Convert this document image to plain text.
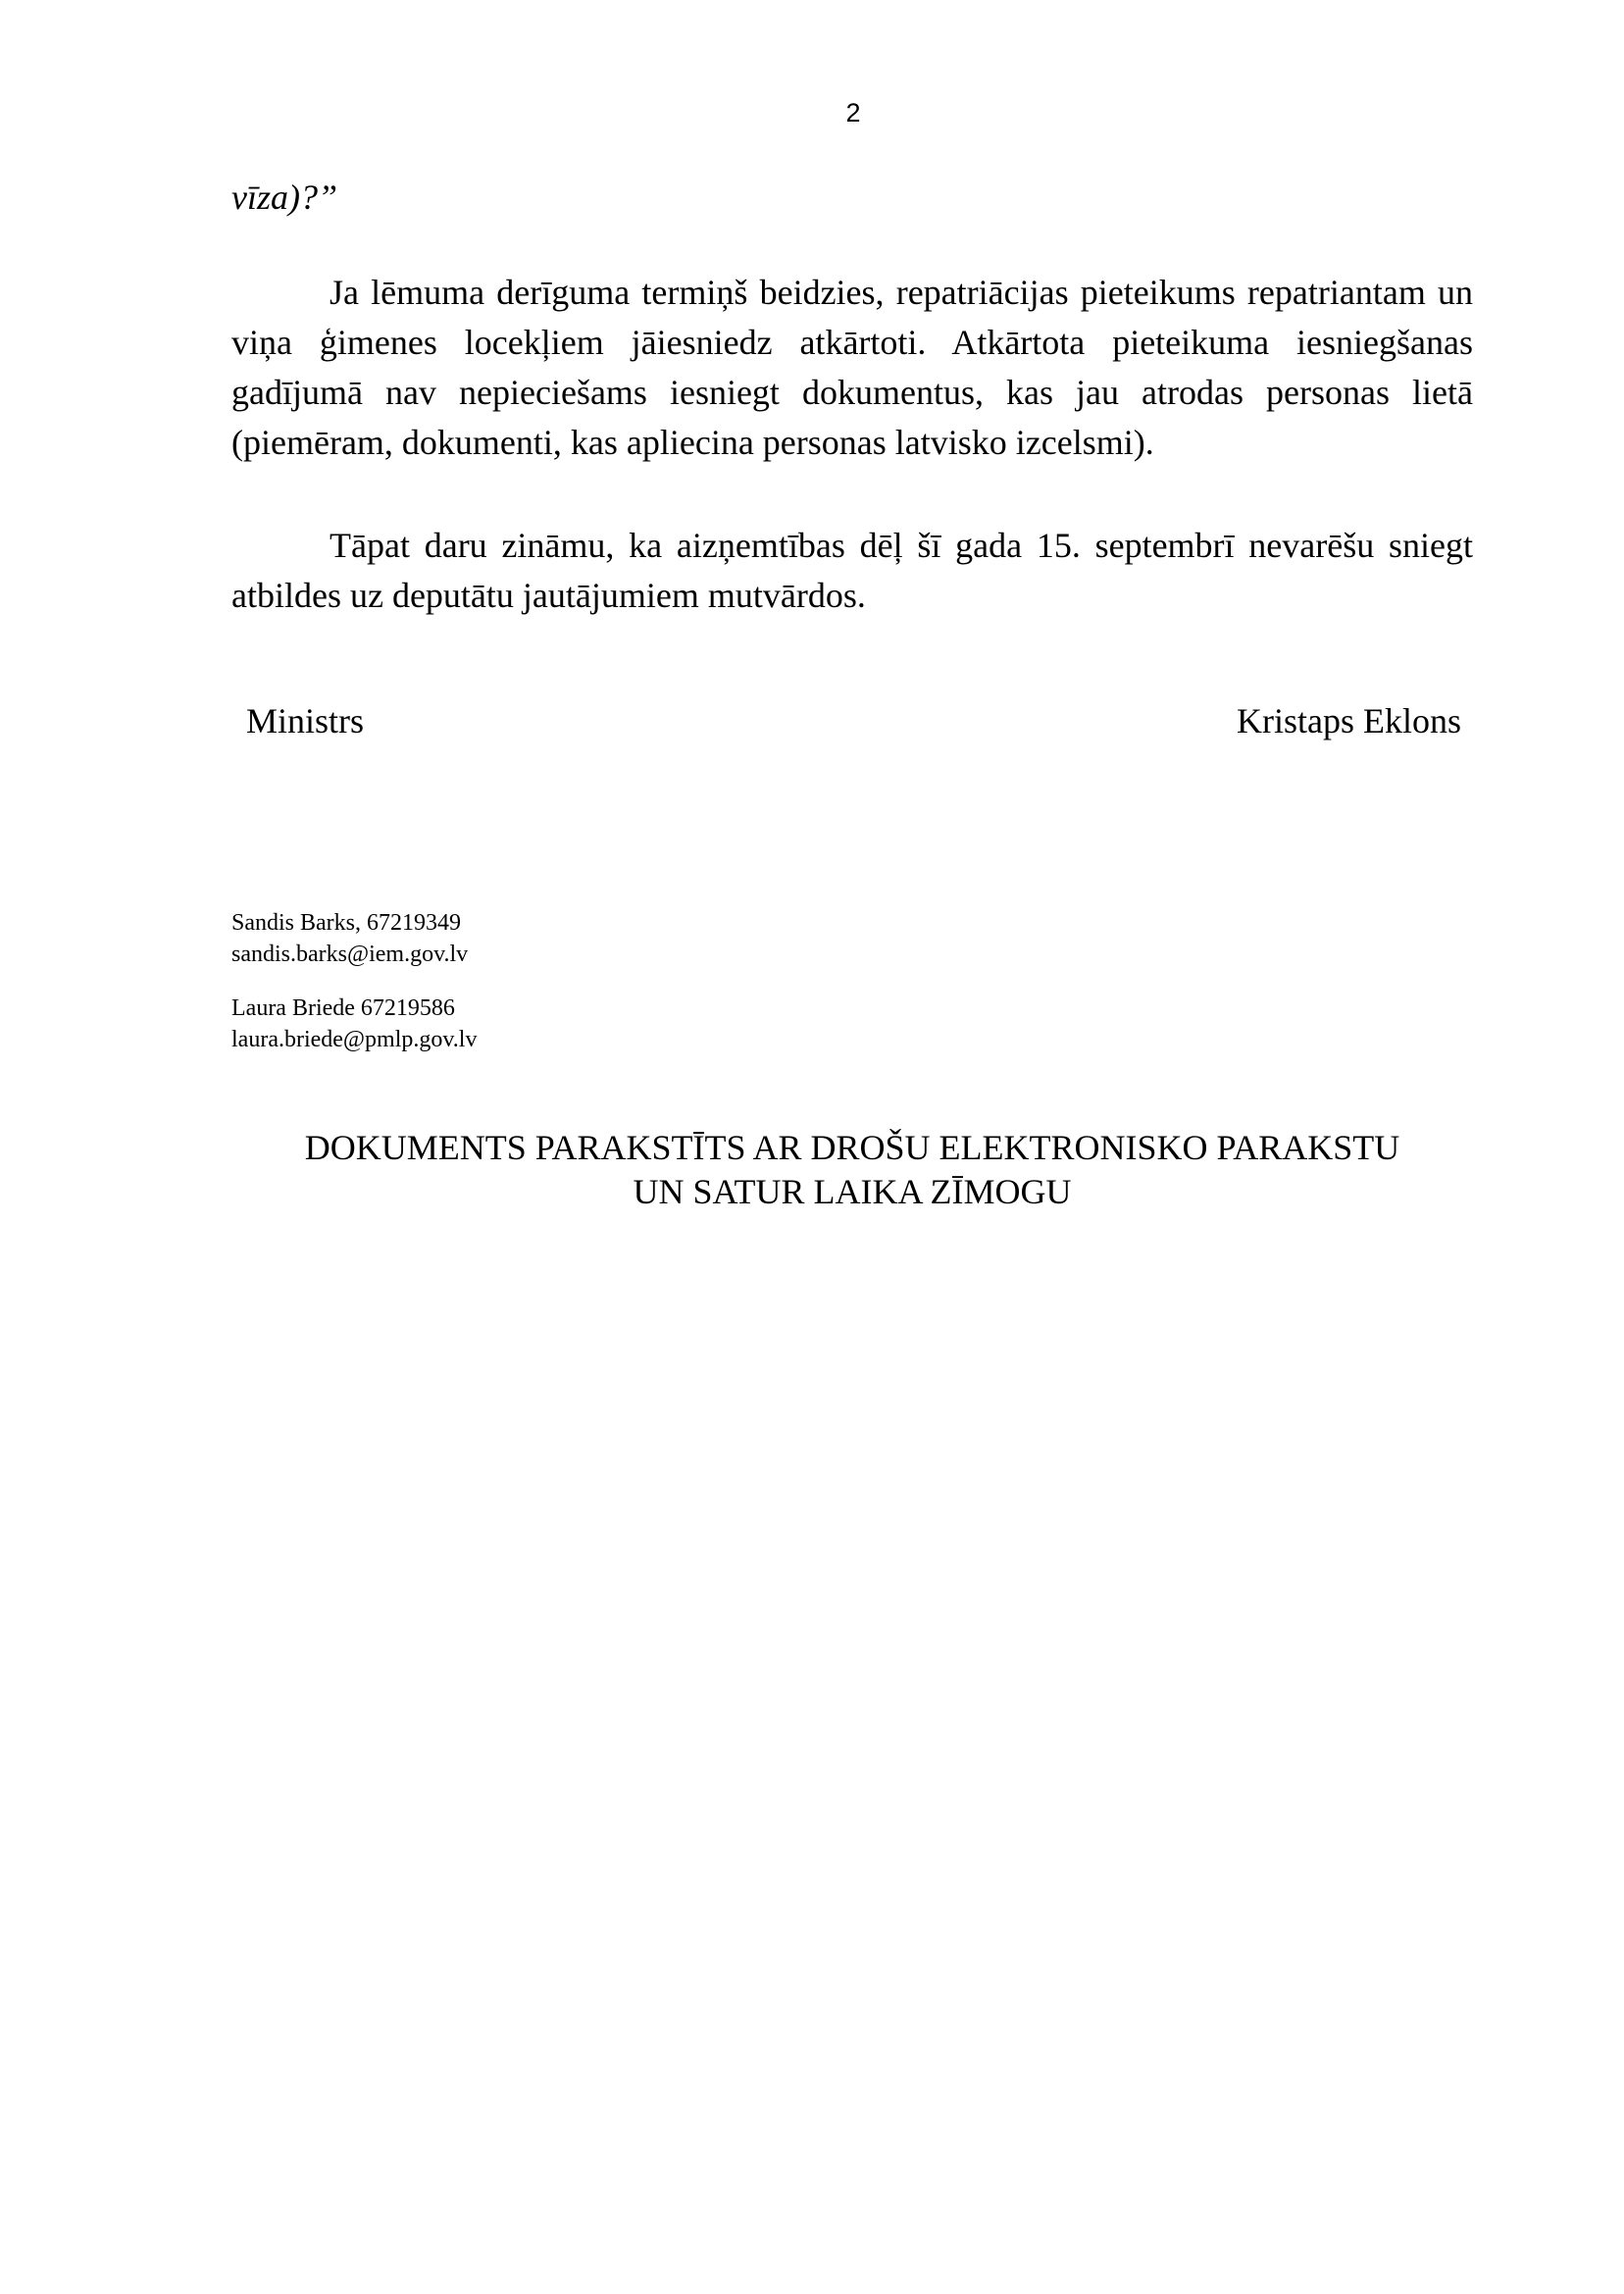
2
vīza)?”
Ja lēmuma derīguma termiņš beidzies, repatriācijas pieteikums repatriantam un viņa ģimenes locekļiem jāiesniedz atkārtoti. Atkārtota pieteikuma iesniegšanas gadījumā nav nepieciešams iesniegt dokumentus, kas jau atrodas personas lietā (piemēram, dokumenti, kas apliecina personas latvisko izcelsmi).
Tāpat daru zināmu, ka aizņemtības dēļ šī gada 15. septembrī nevarēšu sniegt atbildes uz deputātu jautājumiem mutvārdos.
Ministrs	Kristaps Eklons
Sandis Barks, 67219349
sandis.barks@iem.gov.lv
Laura Briede 67219586
laura.briede@pmlp.gov.lv
DOKUMENTS PARAKSTĪTS AR DROŠU ELEKTRONISKO PARAKSTU
UN SATUR LAIKA ZĪMOGU
